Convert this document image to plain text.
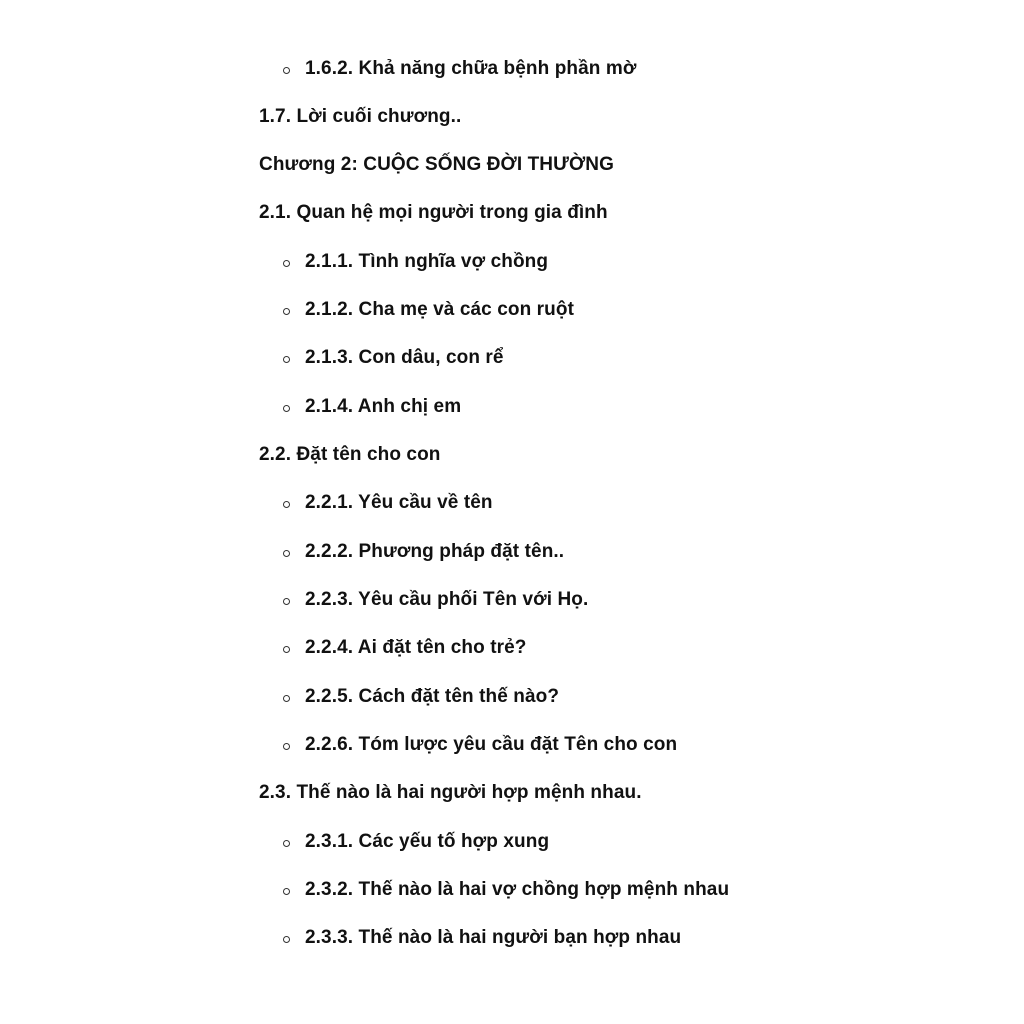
1.6.2. Khả năng chữa bệnh phần mờ
1.7. Lời cuối chương..
Chương 2: CUỘC SỐNG ĐỜI THƯỜNG
2.1. Quan hệ mọi người trong gia đình
2.1.1. Tình nghĩa vợ chồng
2.1.2. Cha mẹ và các con ruột
2.1.3. Con dâu, con rể
2.1.4. Anh chị em
2.2. Đặt tên cho con
2.2.1. Yêu cầu về tên
2.2.2. Phương pháp đặt tên..
2.2.3. Yêu cầu phối Tên với Họ.
2.2.4. Ai đặt tên cho trẻ?
2.2.5. Cách đặt tên thế nào?
2.2.6. Tóm lược yêu cầu đặt Tên cho con
2.3. Thế nào là hai người hợp mệnh nhau.
2.3.1. Các yếu tố hợp xung
2.3.2. Thế nào là hai vợ chồng hợp mệnh nhau
2.3.3. Thế nào là hai người bạn hợp nhau
